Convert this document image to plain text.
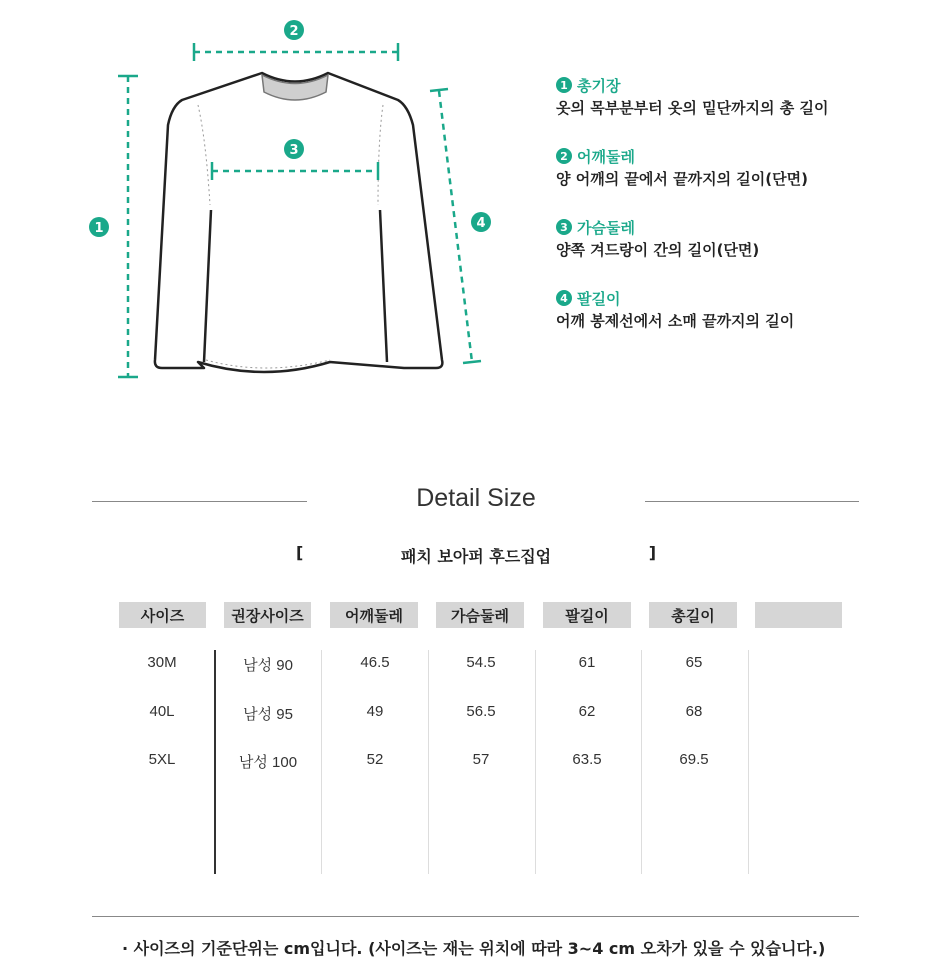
1
2
3
4
1 총기장
옷의 목부분부터 옷의 밑단까지의 총 길이
2 어깨둘레
양 어깨의 끝에서 끝까지의 길이(단면)
3 가슴둘레
양쪽 겨드랑이 간의 길이(단면)
4 팔길이
어깨 봉제선에서 소매 끝까지의 길이
Detail Size
[	패치 보아퍼 후드집업	]
사이즈	권장사이즈	어깨둘레	가슴둘레	팔길이	총길이
30M	남성 90	46.5	54.5	61	65
40L	남성 95	49	56.5	62	68
5XL	남성 100	52	57	63.5	69.5
· 사이즈의 기준단위는 cm입니다. (사이즈는 재는 위치에 따라 3~4 cm 오차가 있을 수 있습니다.)
